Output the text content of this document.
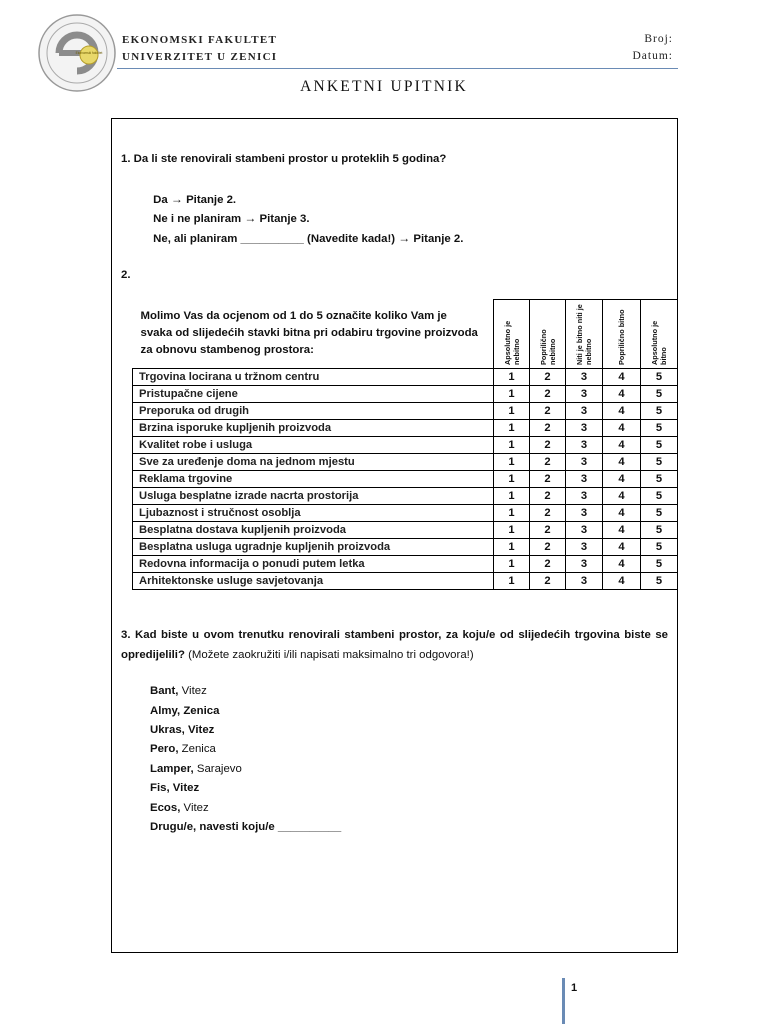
Ekonomski fakultet
EKONOMSKI FAKULTET
UNIVERZITET U ZENICI
Broj:
Datum:
ANKETNI UPITNIK
1. Da li ste renovirali stambeni prostor u proteklih 5 godina?
Da → Pitanje 2.
Ne i ne planiram → Pitanje 3.
Ne, ali planiram __________ (Navedite kada!) → Pitanje 2.
2.
Molimo Vas da ocjenom od 1 do 5 označite koliko Vam je svaka od slijedećih stavki bitna pri odabiru trgovine proizvoda za obnovu stambenog prostora:	Apsolutno je nebitno	Poprilično nebitno	Niti je bitno niti je nebitno	Poprilično bitno	Apsolutno je bitno

Trgovina locirana u tržnom centru	1	2	3	4	5
Pristupačne cijene	1	2	3	4	5
Preporuka od drugih	1	2	3	4	5
Brzina isporuke kupljenih proizvoda	1	2	3	4	5
Kvalitet robe i usluga	1	2	3	4	5
Sve za uređenje doma na jednom mjestu	1	2	3	4	5
Reklama trgovine	1	2	3	4	5
Usluga besplatne izrade nacrta prostorija	1	2	3	4	5
Ljubaznost i stručnost osoblja	1	2	3	4	5
Besplatna dostava kupljenih proizvoda	1	2	3	4	5
Besplatna usluga ugradnje kupljenih proizvoda	1	2	3	4	5
Redovna informacija o ponudi putem letka	1	2	3	4	5
Arhitektonske usluge savjetovanja	1	2	3	4	5
3. Kad biste u ovom trenutku renovirali stambeni prostor, za koju/e od slijedećih trgovina biste se opredijelili? (Možete zaokružiti i/ili napisati maksimalno tri odgovora!)
Bant, Vitez
Almy, Zenica
Ukras, Vitez
Pero, Zenica
Lamper, Sarajevo
Fis, Vitez
Ecos, Vitez
Drugu/e, navesti koju/e __________
1
